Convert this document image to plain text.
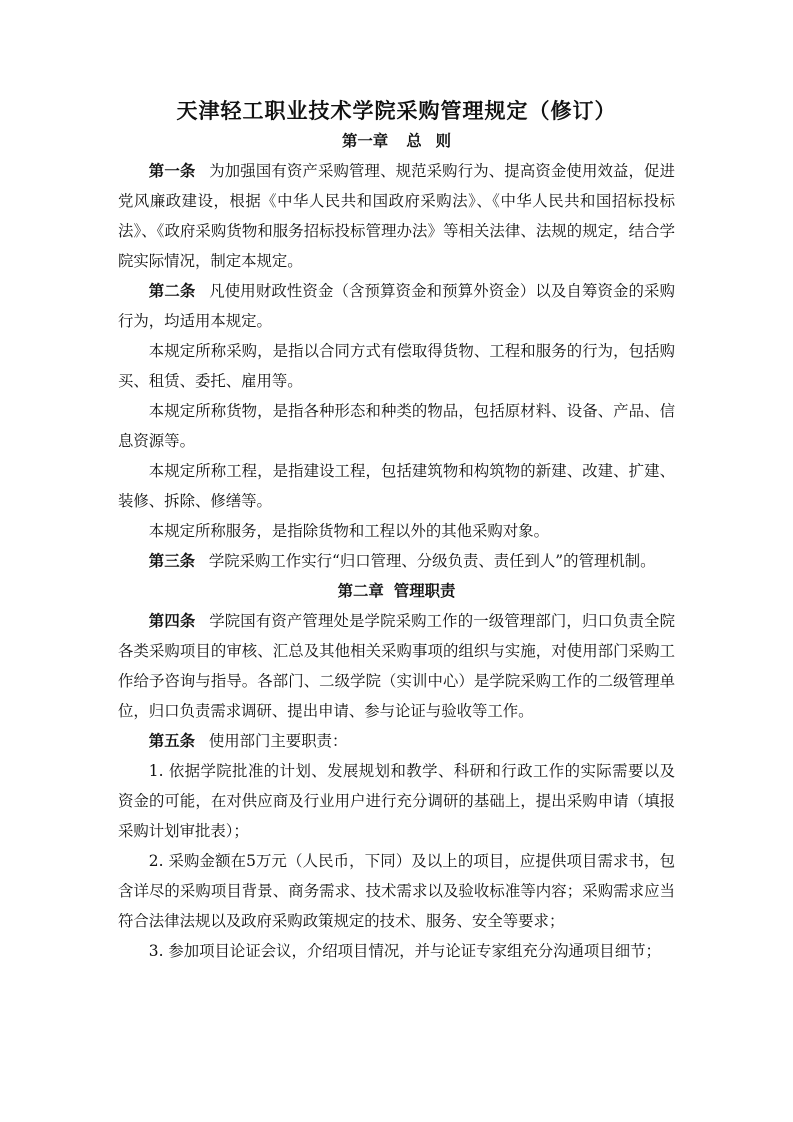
天津轻工职业技术学院采购管理规定（修订）
第一章 总 则

第一条 为加强国有资产采购管理、规范采购行为、提高资金使用效益，促进党风廉政建设，根据《中华人民共和国政府采购法》、《中华人民共和国招标投标法》、《政府采购货物和服务招标投标管理办法》等相关法律、法规的规定，结合学院实际情况，制定本规定。

第二条 凡使用财政性资金（含预算资金和预算外资金）以及自筹资金的采购行为，均适用本规定。

本规定所称采购，是指以合同方式有偿取得货物、工程和服务的行为，包括购买、租赁、委托、雇用等。

本规定所称货物，是指各种形态和种类的物品，包括原材料、设备、产品、信息资源等。

本规定所称工程，是指建设工程，包括建筑物和构筑物的新建、改建、扩建、装修、拆除、修缮等。

本规定所称服务，是指除货物和工程以外的其他采购对象。

第三条 学院采购工作实行“归口管理、分级负责、责任到人”的管理机制。

第二章 管理职责

第四条 学院国有资产管理处是学院采购工作的一级管理部门，归口负责全院各类采购项目的审核、汇总及其他相关采购事项的组织与实施，对使用部门采购工作给予咨询与指导。各部门、二级学院（实训中心）是学院采购工作的二级管理单位，归口负责需求调研、提出申请、参与论证与验收等工作。

第五条 使用部门主要职责：

1. 依据学院批准的计划、发展规划和教学、科研和行政工作的实际需要以及资金的可能，在对供应商及行业用户进行充分调研的基础上，提出采购申请（填报采购计划审批表）；

2. 采购金额在5万元（人民币，下同）及以上的项目，应提供项目需求书，包含详尽的采购项目背景、商务需求、技术需求以及验收标准等内容；采购需求应当符合法律法规以及政府采购政策规定的技术、服务、安全等要求；

3. 参加项目论证会议，介绍项目情况，并与论证专家组充分沟通项目细节；
